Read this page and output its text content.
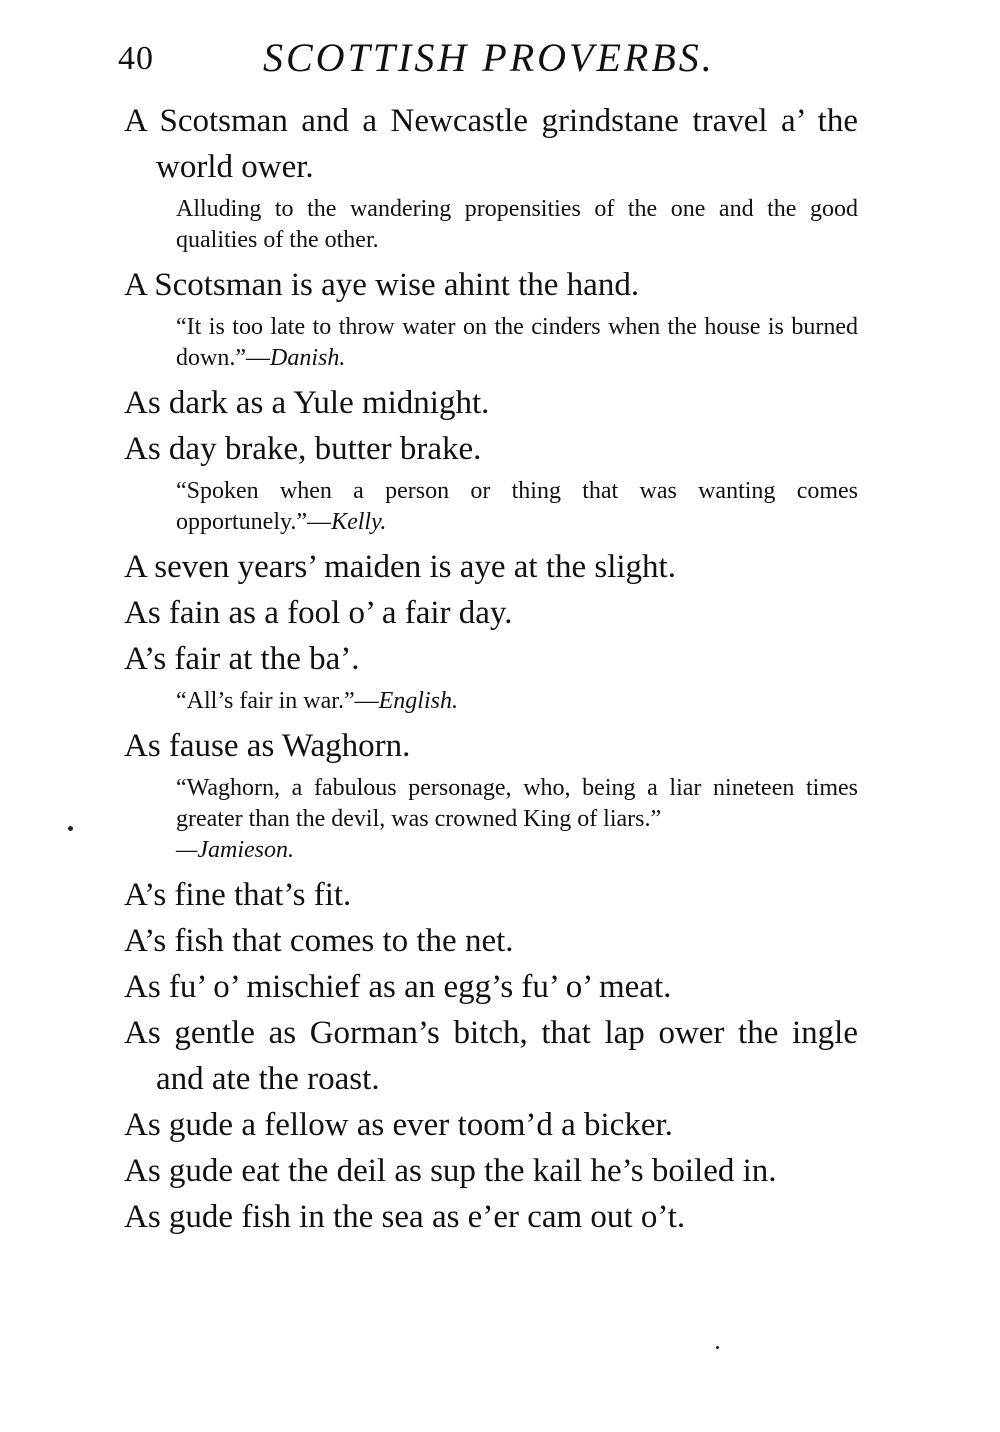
40	SCOTTISH PROVERBS.

A Scotsman and a Newcastle grindstane travel a’ the world ower.

Alluding to the wandering propensities of the one and the good qualities of the other.

A Scotsman is aye wise ahint the hand.

“It is too late to throw water on the cinders when the house is burned down.”—Danish.

As dark as a Yule midnight.

As day brake, butter brake.

“Spoken when a person or thing that was wanting comes opportunely.”—Kelly.

A seven years’ maiden is aye at the slight.

As fain as a fool o’ a fair day.

A’s fair at the ba’.

“All’s fair in war.”—English.

As fause as Waghorn.

“Waghorn, a fabulous personage, who, being a liar nineteen times greater than the devil, was crowned King of liars.”
—Jamieson.

A’s fine that’s fit.

A’s fish that comes to the net.

As fu’ o’ mischief as an egg’s fu’ o’ meat.

As gentle as Gorman’s bitch, that lap ower the ingle and ate the roast.

As gude a fellow as ever toom’d a bicker.

As gude eat the deil as sup the kail he’s boiled in.

As gude fish in the sea as e’er cam out o’t.
